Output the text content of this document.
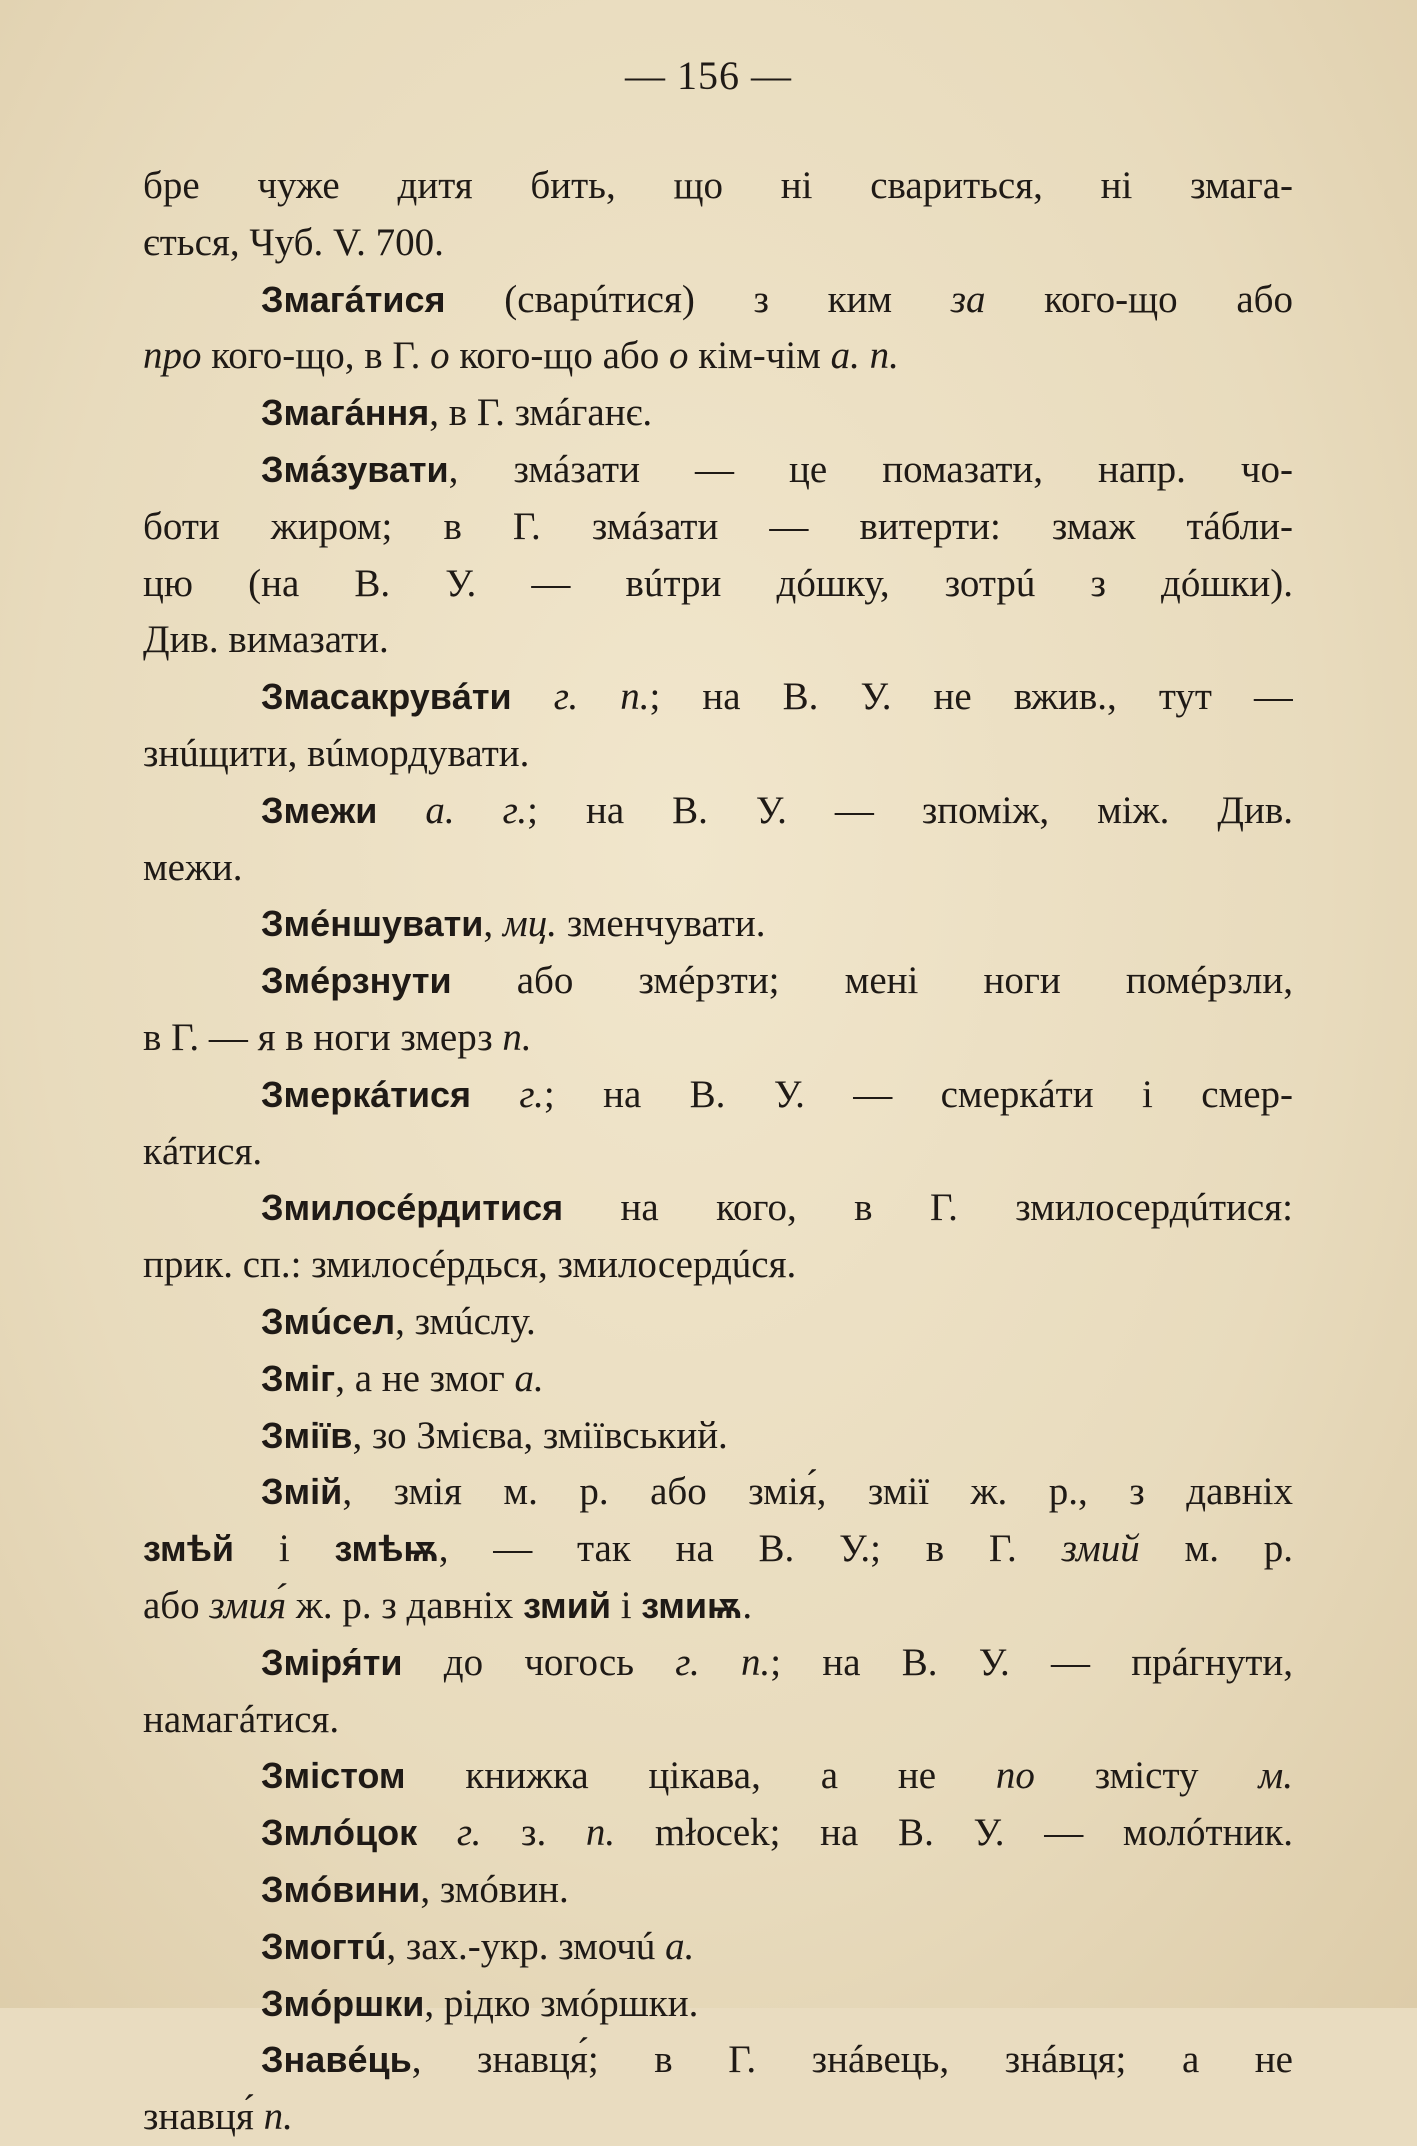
— 156 —
бре чуже дитя бить, що ні свариться, ні змага-
ється, Чуб. V. 700.
Змагáтися (сварúтися) з ким за кого-що або
про кого-що, в Г. о кого-що або о кім-чім а. п.
Змагáння, в Г. змáганє.
Змáзувати, змáзати — це помазати, напр. чо-
боти жиром; в Г. змáзати — витерти: змаж тáбли-
цю (на В. У. — вúтри дóшку, зотрú з дóшки).
Див. вимазати.
Змасакрувáти г. п.; на В. У. не вжив., тут —
знúщити, вúмордувати.
Змежи а. г.; на В. У. — зпоміж, між. Див.
межи.
Змéншувати, мц. зменчувати.
Змéрзнути або змéрзти; мені ноги помéрзли,
в Г. — я в ноги змерз п.
Змеркáтися г.; на В. У. — смеркáти і смер-
кáтися.
Змилосéрдитися на кого, в Г. змилосердúтися:
прик. сп.: змилосéрдься, змилосердúся.
Змúсел, змúслу.
Зміг, а не змог а.
Зміїв, зо Змієва, зміївський.
Змій, змія м. р. або змія́, змії ж. р., з давніх
змѣй і змѣѭ, — так на В. У.; в Г. змий м. р.
або змия́ ж. р. з давніх змий і змиѭ.
Зміря́ти до чогось г. п.; на В. У. — прáгнути,
намагáтися.
Змістом книжка цікава, а не по змісту м.
Змлóцок г. з. п. młocek; на В. У. — молóтник.
Змóвини, змóвин.
Змогтú, зах.-укр. змочú а.
Змóршки, рідко змóршки.
Знавéць, знавця́; в Г. знáвець, знáвця; а не
знавця́ п.
